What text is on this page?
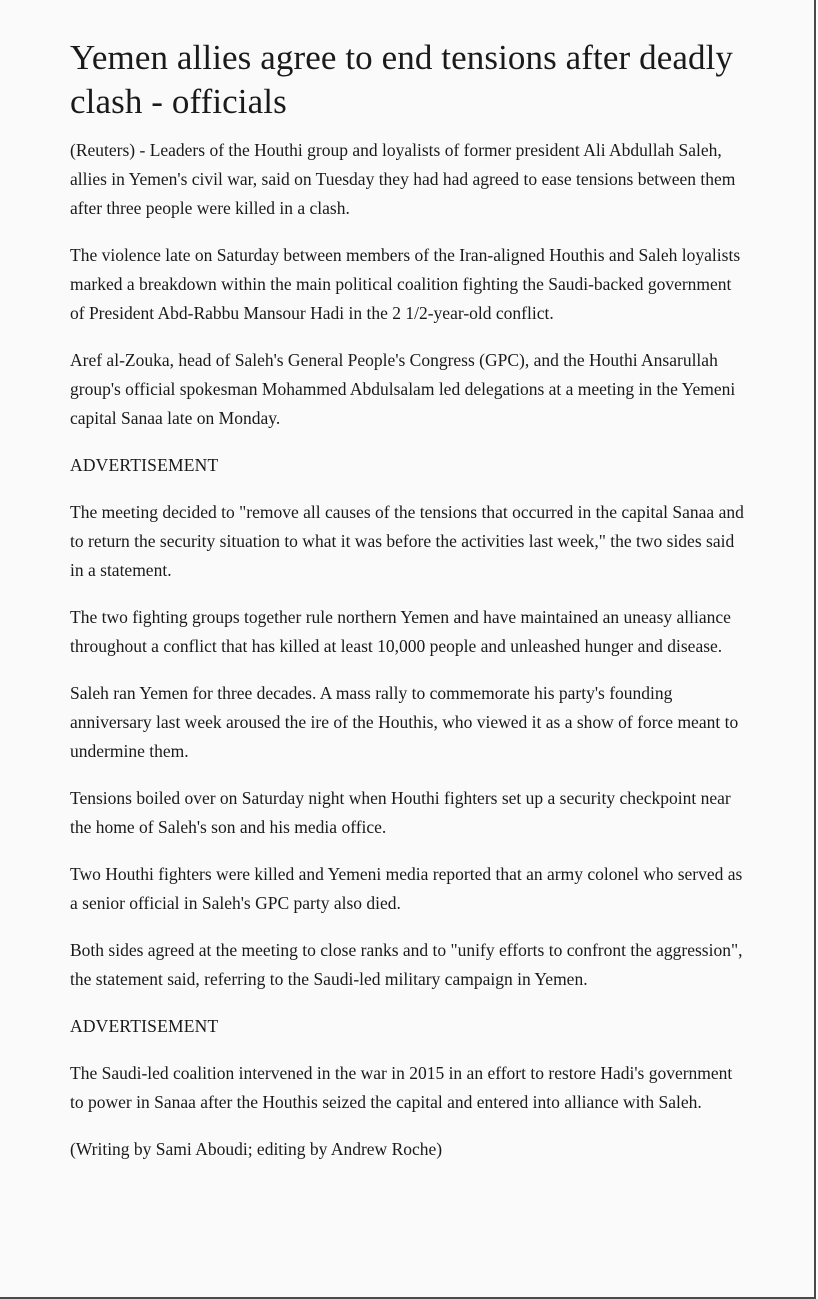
Yemen allies agree to end tensions after deadly clash - officials

(Reuters) - Leaders of the Houthi group and loyalists of former president Ali Abdullah Saleh, allies in Yemen's civil war, said on Tuesday they had had agreed to ease tensions between them after three people were killed in a clash.

The violence late on Saturday between members of the Iran-aligned Houthis and Saleh loyalists marked a breakdown within the main political coalition fighting the Saudi-backed government of President Abd-Rabbu Mansour Hadi in the 2 1/2-year-old conflict.

Aref al-Zouka, head of Saleh's General People's Congress (GPC), and the Houthi Ansarullah group's official spokesman Mohammed Abdulsalam led delegations at a meeting in the Yemeni capital Sanaa late on Monday.

ADVERTISEMENT

The meeting decided to "remove all causes of the tensions that occurred in the capital Sanaa and to return the security situation to what it was before the activities last week," the two sides said in a statement.

The two fighting groups together rule northern Yemen and have maintained an uneasy alliance throughout a conflict that has killed at least 10,000 people and unleashed hunger and disease.

Saleh ran Yemen for three decades. A mass rally to commemorate his party's founding anniversary last week aroused the ire of the Houthis, who viewed it as a show of force meant to undermine them.

Tensions boiled over on Saturday night when Houthi fighters set up a security checkpoint near the home of Saleh's son and his media office.

Two Houthi fighters were killed and Yemeni media reported that an army colonel who served as a senior official in Saleh's GPC party also died.

Both sides agreed at the meeting to close ranks and to "unify efforts to confront the aggression", the statement said, referring to the Saudi-led military campaign in Yemen.

ADVERTISEMENT

The Saudi-led coalition intervened in the war in 2015 in an effort to restore Hadi's government to power in Sanaa after the Houthis seized the capital and entered into alliance with Saleh.

(Writing by Sami Aboudi; editing by Andrew Roche)
